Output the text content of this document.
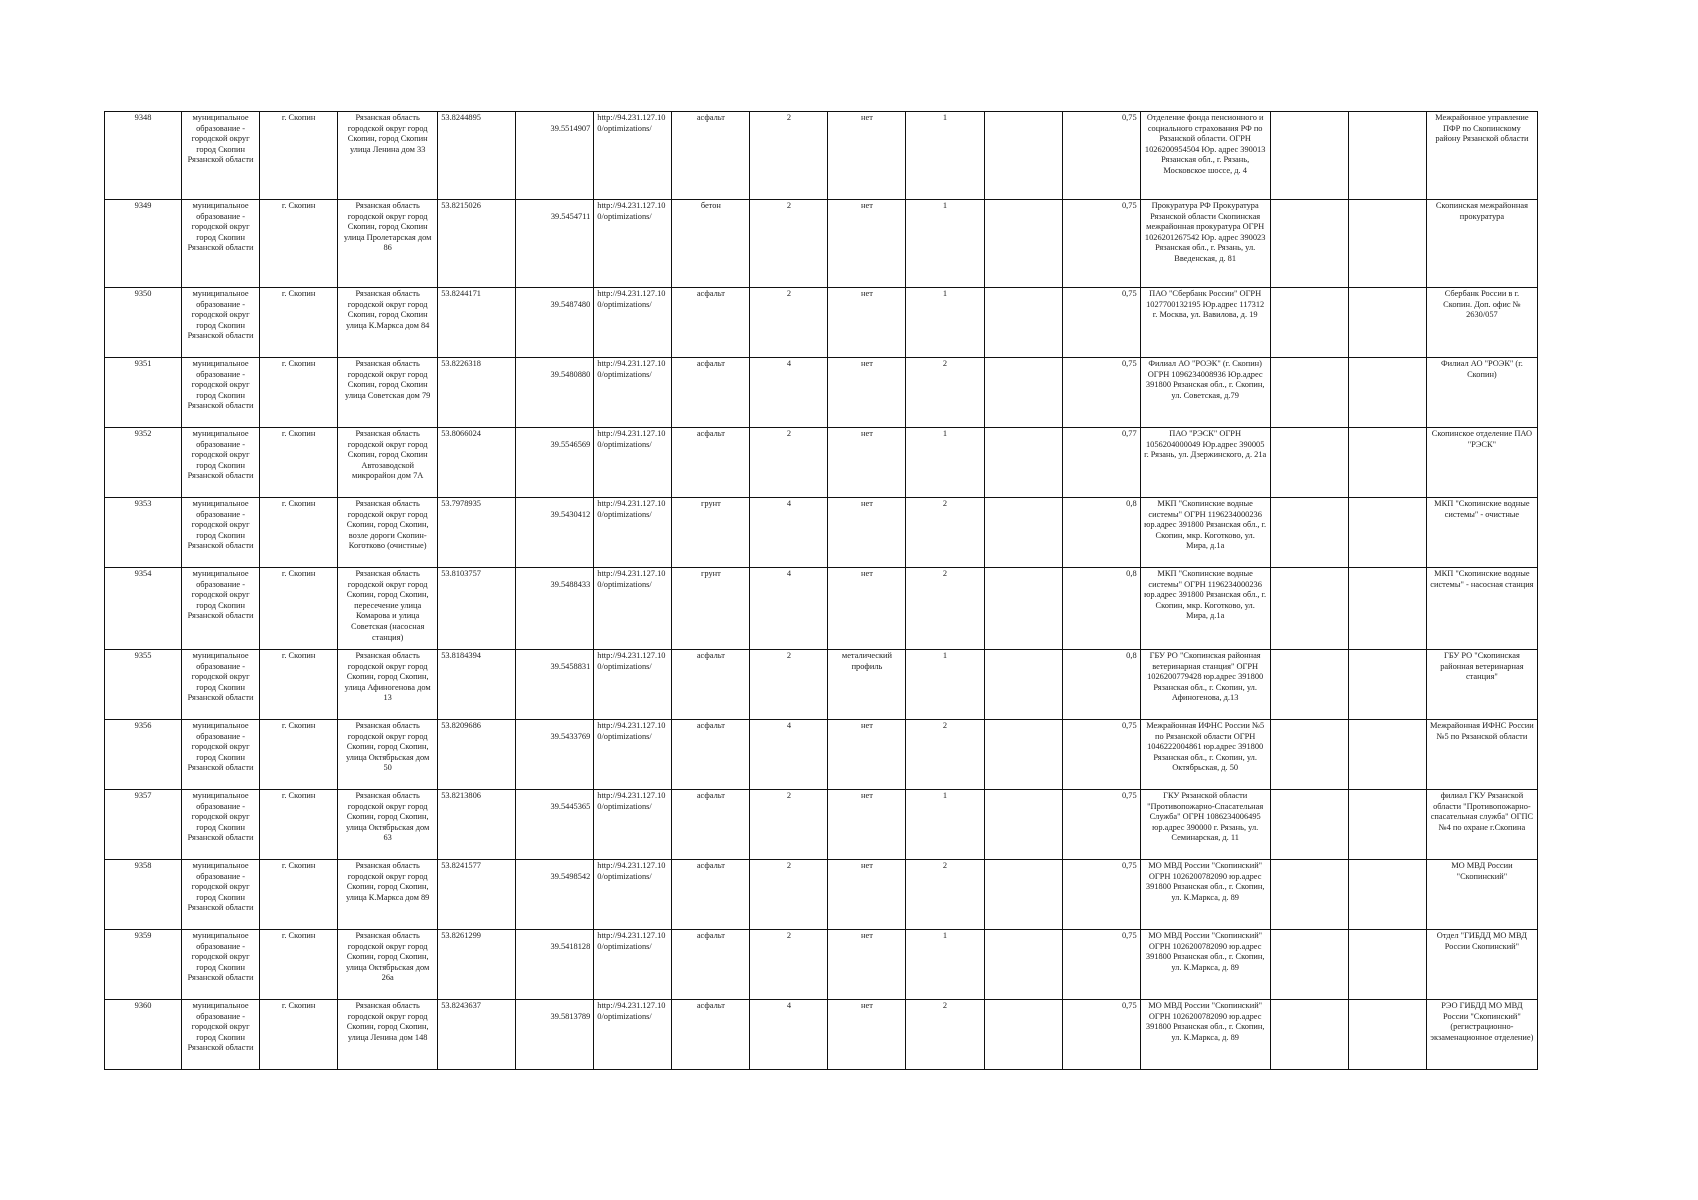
9348	муниципальное образование - городской округ город Скопин Рязанской области	г. Скопин	Рязанская область городской округ город Скопин, город Скопин улица Ленина дом 33	53.8244895	39.5514907	http://94.231.127.100/optimizations/	асфальт	2	нет	1		0,75	Отделение фонда пенсионного и социального страхования РФ по Рязанской области. ОГРН 1026200954504 Юр. адрес 390013 Рязанская обл., г. Рязань, Московское шоссе, д. 4			Межрайонное управление ПФР по Скопинскому району Рязанской области
9349	муниципальное образование - городской округ город Скопин Рязанской области	г. Скопин	Рязанская область городской округ город Скопин, город Скопин улица Пролетарская дом 86	53.8215026	39.5454711	http://94.231.127.100/optimizations/	бетон	2	нет	1		0,75	Прокуратура РФ Прокуратура Рязанской области Скопинская межрайонная прокуратура ОГРН 1026201267542 Юр. адрес 390023 Рязанская обл., г. Рязань, ул. Введенская, д. 81			Скопинская межрайонная прокуратура
9350	муниципальное образование - городской округ город Скопин Рязанской области	г. Скопин	Рязанская область городской округ город Скопин, город Скопин улица К.Маркса дом 84	53.8244171	39.5487480	http://94.231.127.100/optimizations/	асфальт	2	нет	1		0,75	ПАО "Сбербанк России" ОГРН 1027700132195 Юр.адрес 117312 г. Москва, ул. Вавилова, д. 19			Сбербанк России в г. Скопин. Доп. офис № 2630/057
9351	муниципальное образование - городской округ город Скопин Рязанской области	г. Скопин	Рязанская область городской округ город Скопин, город Скопин улица Советская дом 79	53.8226318	39.5480880	http://94.231.127.100/optimizations/	асфальт	4	нет	2		0,75	Филиал АО "РОЭК" (г. Скопин) ОГРН 1096234008936 Юр.адрес 391800 Рязанская обл., г. Скопин, ул. Советская, д.79			Филиал АО "РОЭК" (г. Скопин)
9352	муниципальное образование - городской округ город Скопин Рязанской области	г. Скопин	Рязанская область городской округ город Скопин, город Скопин Автозаводской микрорайон дом 7А	53.8066024	39.5546569	http://94.231.127.100/optimizations/	асфальт	2	нет	1		0,77	ПАО "РЭСК" ОГРН 1056204000049 Юр.адрес 390005 г. Рязань, ул. Дзержинского, д. 21а			Скопинское отделение ПАО "РЭСК"
9353	муниципальное образование - городской округ город Скопин Рязанской области	г. Скопин	Рязанская область городской округ город Скопин, город Скопин, возле дороги Скопин-Коготково (очистные)	53.7978935	39.5430412	http://94.231.127.100/optimizations/	грунт	4	нет	2		0,8	МКП "Скопинские водные системы" ОГРН 1196234000236 юр.адрес 391800 Рязанская обл., г. Скопин, мкр. Коготково, ул. Мира, д.1а			МКП "Скопинские водные системы" - очистные
9354	муниципальное образование - городской округ город Скопин Рязанской области	г. Скопин	Рязанская область городской округ город Скопин, город Скопин, пересечение улица Комарова и улица Советская (насосная станция)	53.8103757	39.5488433	http://94.231.127.100/optimizations/	грунт	4	нет	2		0,8	МКП "Скопинские водные системы" ОГРН 1196234000236 юр.адрес 391800 Рязанская обл., г. Скопин, мкр. Коготково, ул. Мира, д.1а			МКП "Скопинские водные системы" - насосная станция
9355	муниципальное образование - городской округ город Скопин Рязанской области	г. Скопин	Рязанская область городской округ город Скопин, город Скопин, улица Афиногенова дом 13	53.8184394	39.5458831	http://94.231.127.100/optimizations/	асфальт	2	металический профиль	1		0,8	ГБУ РО "Скопинская районная ветеринарная станция" ОГРН 1026200779428 юр.адрес 391800 Рязанская обл., г. Скопин, ул. Афиногенова, д.13			ГБУ РО "Скопинская районная ветеринарная станция"
9356	муниципальное образование - городской округ город Скопин Рязанской области	г. Скопин	Рязанская область городской округ город Скопин, город Скопин, улица Октябрьская дом 50	53.8209686	39.5433769	http://94.231.127.100/optimizations/	асфальт	4	нет	2		0,75	Межрайонная ИФНС России №5 по Рязанской области ОГРН 1046222004861 юр.адрес 391800 Рязанская обл., г. Скопин, ул. Октябрьская, д. 50			Межрайонная ИФНС России №5 по Рязанской области
9357	муниципальное образование - городской округ город Скопин Рязанской области	г. Скопин	Рязанская область городской округ город Скопин, город Скопин, улица Октябрьская дом 63	53.8213806	39.5445365	http://94.231.127.100/optimizations/	асфальт	2	нет	1		0,75	ГКУ Рязанской области "Противопожарно-Спасательная Служба" ОГРН 1086234006495 юр.адрес 390000 г. Рязань, ул. Семинарская, д. 11			филиал ГКУ Рязанской области "Противопожарно-спасательная служба" ОГПС №4 по охране г.Скопина
9358	муниципальное образование - городской округ город Скопин Рязанской области	г. Скопин	Рязанская область городской округ город Скопин, город Скопин, улица К.Маркса дом 89	53.8241577	39.5498542	http://94.231.127.100/optimizations/	асфальт	2	нет	2		0,75	МО МВД России "Скопинский" ОГРН 1026200782090 юр.адрес 391800 Рязанская обл., г. Скопин, ул. К.Маркса, д. 89			МО МВД России "Скопинский"
9359	муниципальное образование - городской округ город Скопин Рязанской области	г. Скопин	Рязанская область городской округ город Скопин, город Скопин, улица Октябрьская дом 26а	53.8261299	39.5418128	http://94.231.127.100/optimizations/	асфальт	2	нет	1		0,75	МО МВД России "Скопинский" ОГРН 1026200782090 юр.адрес 391800 Рязанская обл., г. Скопин, ул. К.Маркса, д. 89			Отдел "ГИБДД МО МВД России Скопинский"
9360	муниципальное образование - городской округ город Скопин Рязанской области	г. Скопин	Рязанская область городской округ город Скопин, город Скопин, улица Ленина дом 148	53.8243637	39.5813789	http://94.231.127.100/optimizations/	асфальт	4	нет	2		0,75	МО МВД России "Скопинский" ОГРН 1026200782090 юр.адрес 391800 Рязанская обл., г. Скопин, ул. К.Маркса, д. 89			РЭО ГИБДД МО МВД России "Скопинский" (регистрационно-экзаменационное отделение)
